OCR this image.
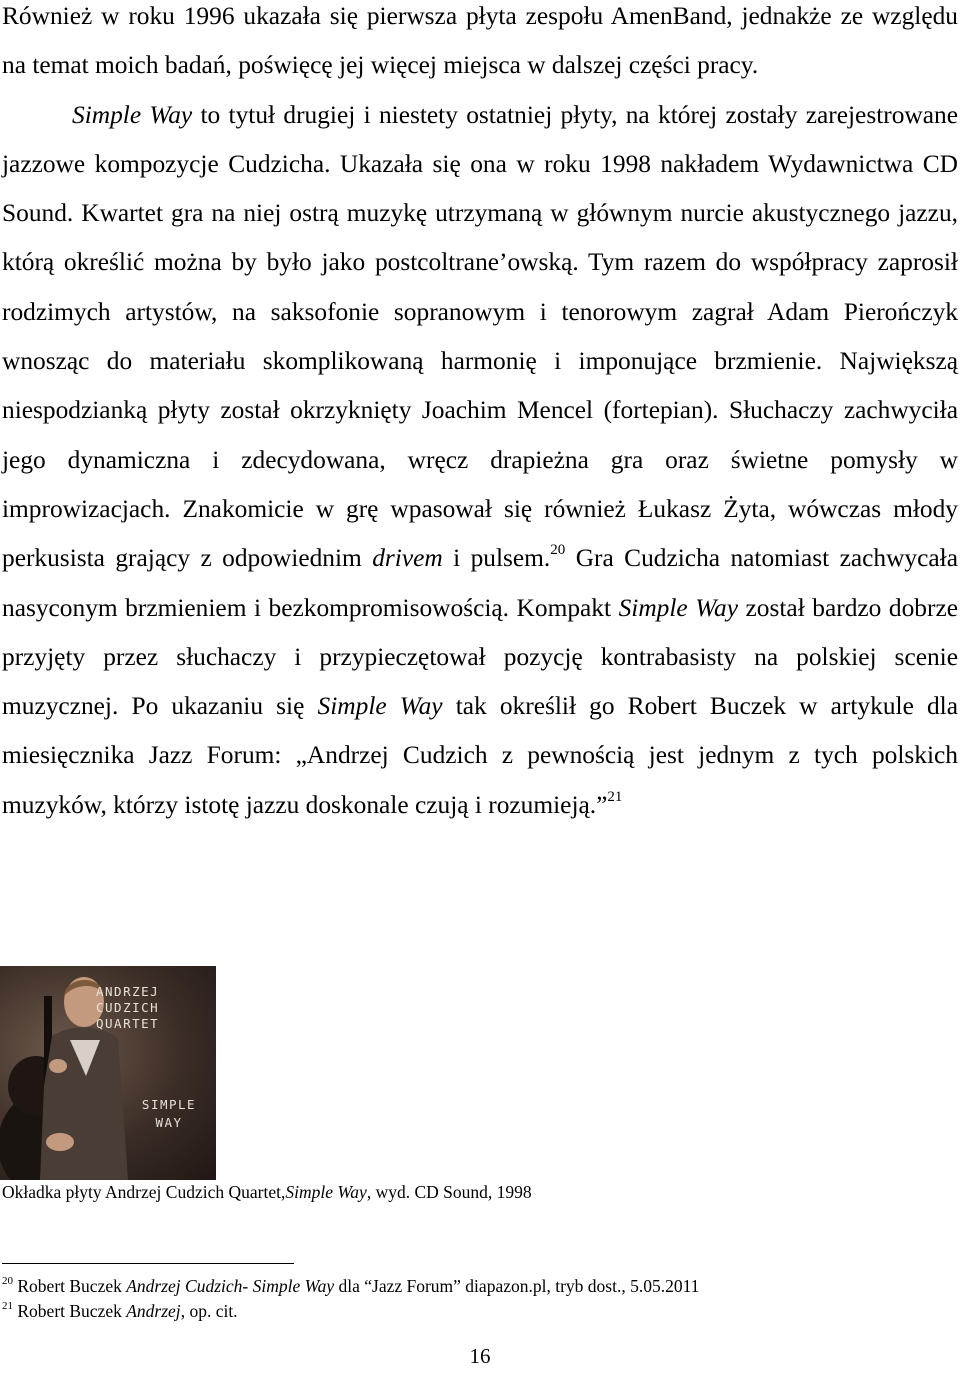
Również w roku 1996 ukazała się pierwsza płyta zespołu AmenBand, jednakże ze względu na temat moich badań, poświęcę jej więcej miejsca w dalszej części pracy.

Simple Way to tytuł drugiej i niestety ostatniej płyty, na której zostały zarejestrowane jazzowe kompozycje Cudzicha. Ukazała się ona w roku 1998 nakładem Wydawnictwa CD Sound. Kwartet gra na niej ostrą muzykę utrzymaną w głównym nurcie akustycznego jazzu, którą określić można by było jako postcoltrane’owską. Tym razem do współpracy zaprosił rodzimych artystów, na saksofonie sopranowym i tenorowym zagrał Adam Pierończyk wnosząc do materiału skomplikowaną harmonię i imponujące brzmienie. Największą niespodzianką płyty został okrzyknięty Joachim Mencel (fortepian). Słuchaczy zachwyciła jego dynamiczna i zdecydowana, wręcz drapieżna gra oraz świetne pomysły w improwizacjach. Znakomicie w grę wpasował się również Łukasz Żyta, wówczas młody perkusista grający z odpowiednim drivem i pulsem.$^{20}$ Gra Cudzicha natomiast zachwycała nasyconym brzmieniem i bezkompromisowością. Kompakt Simple Way został bardzo dobrze przyjęty przez słuchaczy i przypieczętował pozycję kontrabasisty na polskiej scenie muzycznej. Po ukazaniu się Simple Way tak określił go Robert Buczek w artykule dla miesięcznika Jazz Forum: „Andrzej Cudzich z pewnością jest jednym z tych polskich muzyków, którzy istotę jazzu doskonale czują i rozumieją.”$^{21}$

ANDRZEJ
CUDZICH
QUARTET
SIMPLE
WAY

Okładka płyty Andrzej Cudzich Quartet,Simple Way, wyd. CD Sound, 1998

$^{20}$ Robert Buczek Andrzej Cudzich- Simple Way dla “Jazz Forum” diapazon.pl, tryb dost., 5.05.2011

$^{21}$ Robert Buczek Andrzej, op. cit.

16
